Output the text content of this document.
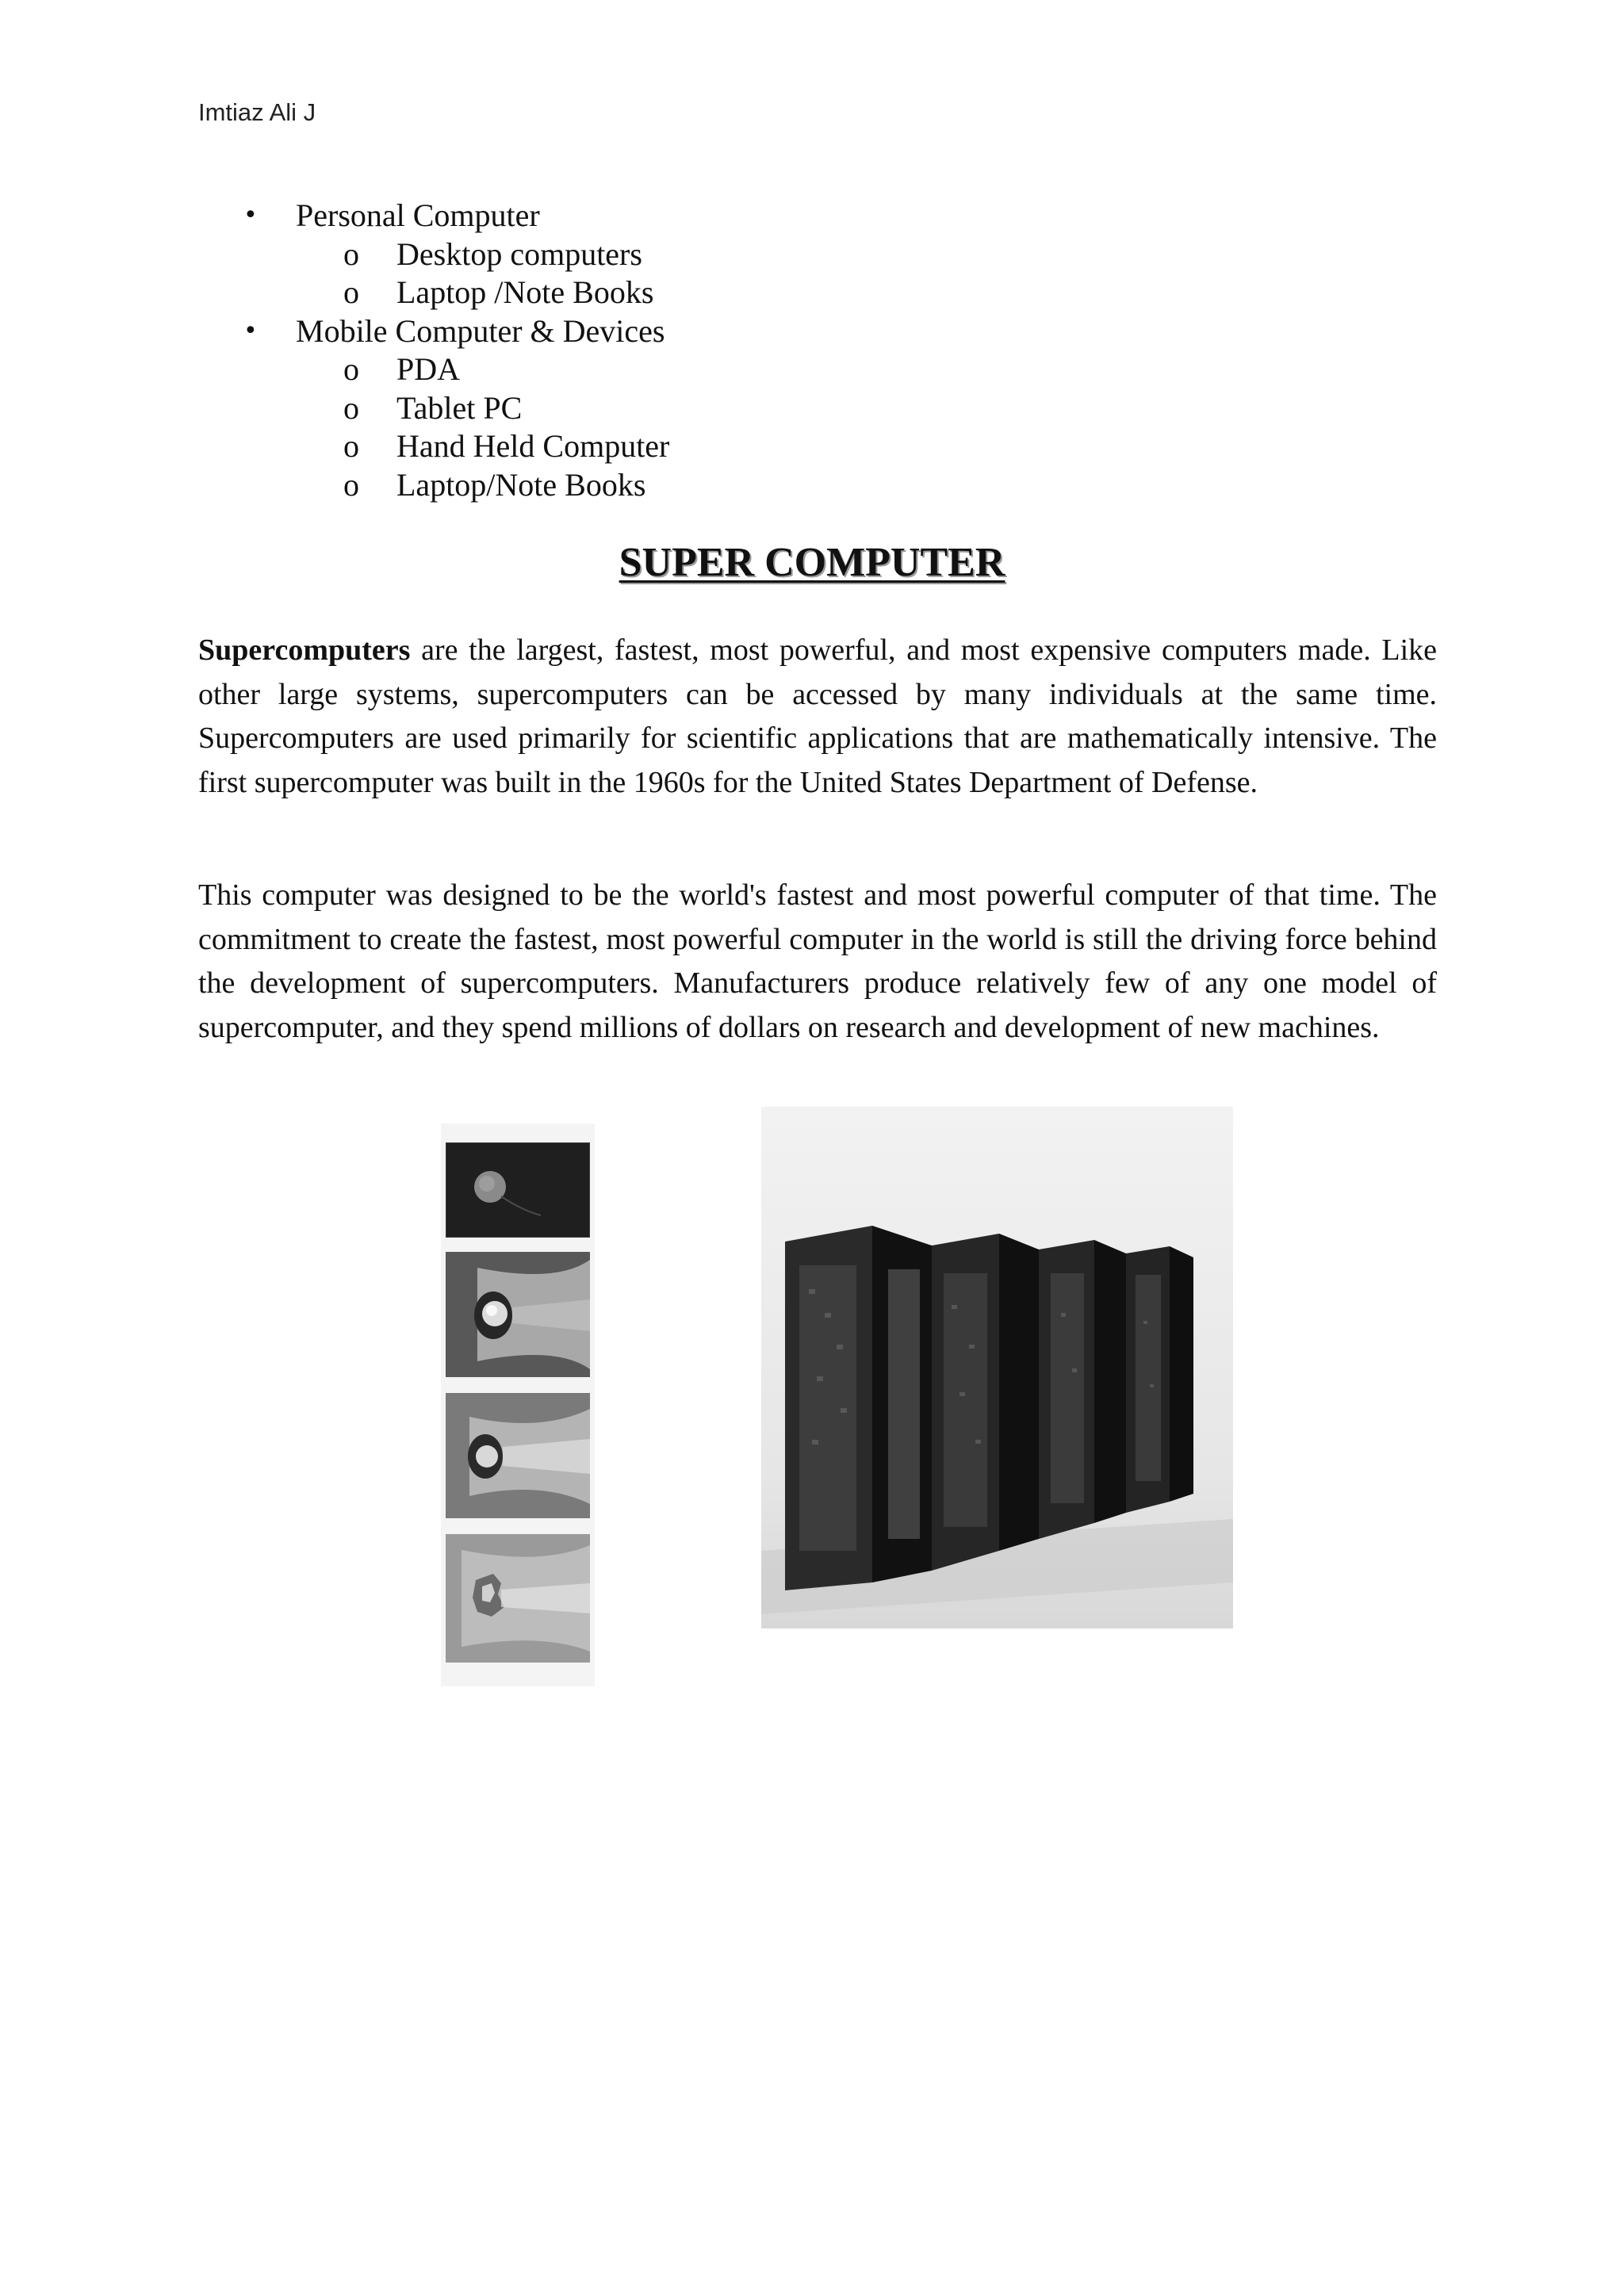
Imtiaz Ali J
• Personal Computer
o Desktop computers
o Laptop /Note Books
• Mobile Computer & Devices
o PDA
o Tablet PC
o Hand Held Computer
o Laptop/Note Books
SUPER COMPUTER

Supercomputers are the largest, fastest, most powerful, and most expensive computers made. Like other large systems, supercomputers can be accessed by many individuals at the same time. Supercomputers are used primarily for scientific applications that are mathematically intensive. The first supercomputer was built in the 1960s for the United States Department of Defense.

This computer was designed to be the world's fastest and most powerful computer of that time. The commitment to create the fastest, most powerful computer in the world is still the driving force behind the development of supercomputers. Manufacturers produce relatively few of any one model of supercomputer, and they spend millions of dollars on research and development of new machines.
